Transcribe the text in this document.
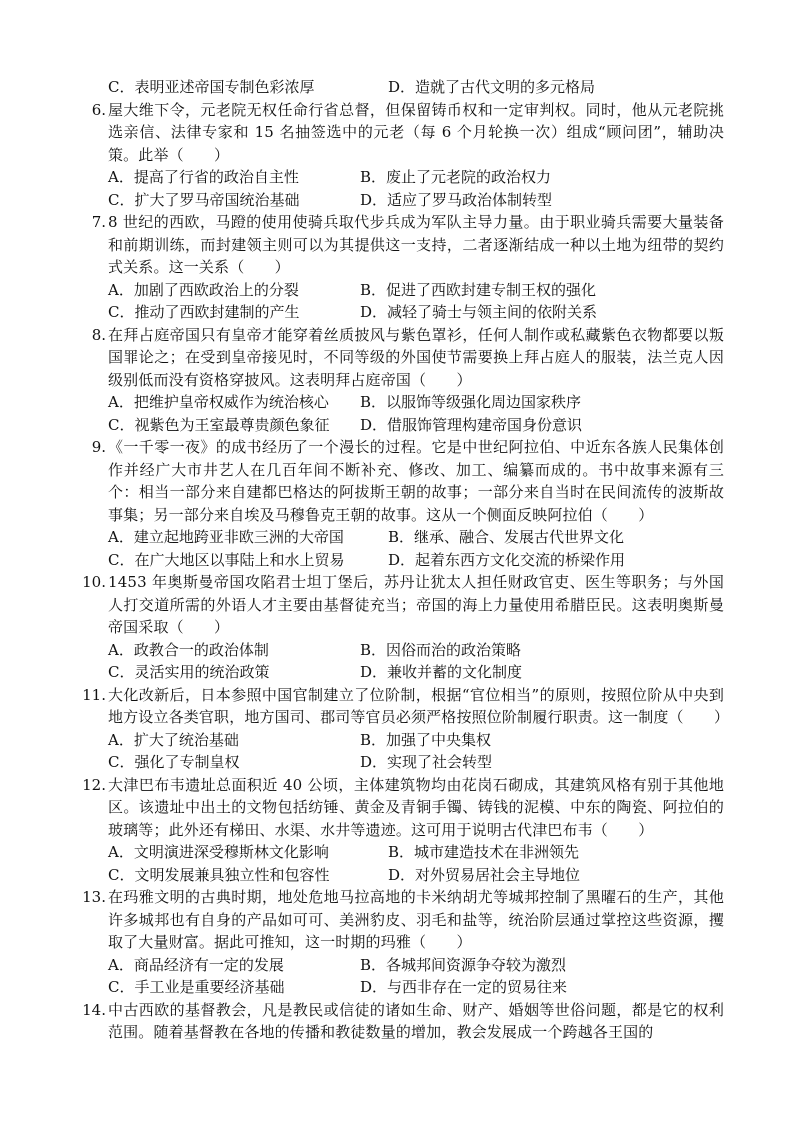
C．表明亚述帝国专制色彩浓厚	D．造就了古代文明的多元格局
6. 屋大维下令，元老院无权任命行省总督，但保留铸币权和一定审判权。同时，他从元老院挑选亲信、法律专家和 15 名抽签选中的元老（每 6 个月轮换一次）组成“顾问团”，辅助决策。此举（　　）
A．提高了行省的政治自主性	B．废止了元老院的政治权力
C．扩大了罗马帝国统治基础	D．适应了罗马政治体制转型
7. 8 世纪的西欧，马蹬的使用使骑兵取代步兵成为军队主导力量。由于职业骑兵需要大量装备和前期训练，而封建领主则可以为其提供这一支持，二者逐渐结成一种以土地为纽带的契约式关系。这一关系（　　）
A．加剧了西欧政治上的分裂	B．促进了西欧封建专制王权的强化
C．推动了西欧封建制的产生	D．减轻了骑士与领主间的依附关系
8. 在拜占庭帝国只有皇帝才能穿着丝质披风与紫色罩衫，任何人制作或私藏紫色衣物都要以叛国罪论之；在受到皇帝接见时，不同等级的外国使节需要换上拜占庭人的服装，法兰克人因级别低而没有资格穿披风。这表明拜占庭帝国（　　）
A．把维护皇帝权威作为统治核心	B．以服饰等级强化周边国家秩序
C．视紫色为王室最尊贵颜色象征	D．借服饰管理构建帝国身份意识
9. 《一千零一夜》的成书经历了一个漫长的过程。它是中世纪阿拉伯、中近东各族人民集体创作并经广大市井艺人在几百年间不断补充、修改、加工、编纂而成的。书中故事来源有三个：相当一部分来自建都巴格达的阿拔斯王朝的故事；一部分来自当时在民间流传的波斯故事集；另一部分来自埃及马穆鲁克王朝的故事。这从一个侧面反映阿拉伯（　　）
A．建立起地跨亚非欧三洲的大帝国	B．继承、融合、发展古代世界文化
C．在广大地区以事陆上和水上贸易	D．起着东西方文化交流的桥梁作用
10. 1453 年奥斯曼帝国攻陷君士坦丁堡后，苏丹让犹太人担任财政官吏、医生等职务；与外国人打交道所需的外语人才主要由基督徒充当；帝国的海上力量使用希腊臣民。这表明奥斯曼帝国采取（　　）
A．政教合一的政治体制	B．因俗而治的政治策略
C．灵活实用的统治政策	D．兼收并蓄的文化制度
11. 大化改新后，日本参照中国官制建立了位阶制，根据“官位相当”的原则，按照位阶从中央到地方设立各类官职，地方国司、郡司等官员必须严格按照位阶制履行职责。这一制度（　　）
A．扩大了统治基础	B．加强了中央集权
C．强化了专制皇权	D．实现了社会转型
12. 大津巴布韦遗址总面积近 40 公顷，主体建筑物均由花岗石砌成，其建筑风格有别于其他地区。该遗址中出土的文物包括纺锤、黄金及青铜手镯、铸钱的泥模、中东的陶瓷、阿拉伯的玻璃等；此外还有梯田、水渠、水井等遗迹。这可用于说明古代津巴布韦（　　）
A．文明演进深受穆斯林文化影响	B．城市建造技术在非洲领先
C．文明发展兼具独立性和包容性	D．对外贸易居社会主导地位
13. 在玛雅文明的古典时期，地处危地马拉高地的卡米纳胡尤等城邦控制了黑曜石的生产，其他许多城邦也有自身的产品如可可、美洲豹皮、羽毛和盐等，统治阶层通过掌控这些资源，攫取了大量财富。据此可推知，这一时期的玛雅（　　）
A．商品经济有一定的发展	B．各城邦间资源争夺较为激烈
C．手工业是重要经济基础	D．与西非存在一定的贸易往来
14. 中古西欧的基督教会，凡是教民或信徒的诸如生命、财产、婚姻等世俗问题，都是它的权利范围。随着基督教在各地的传播和教徒数量的增加，教会发展成一个跨越各王国的
